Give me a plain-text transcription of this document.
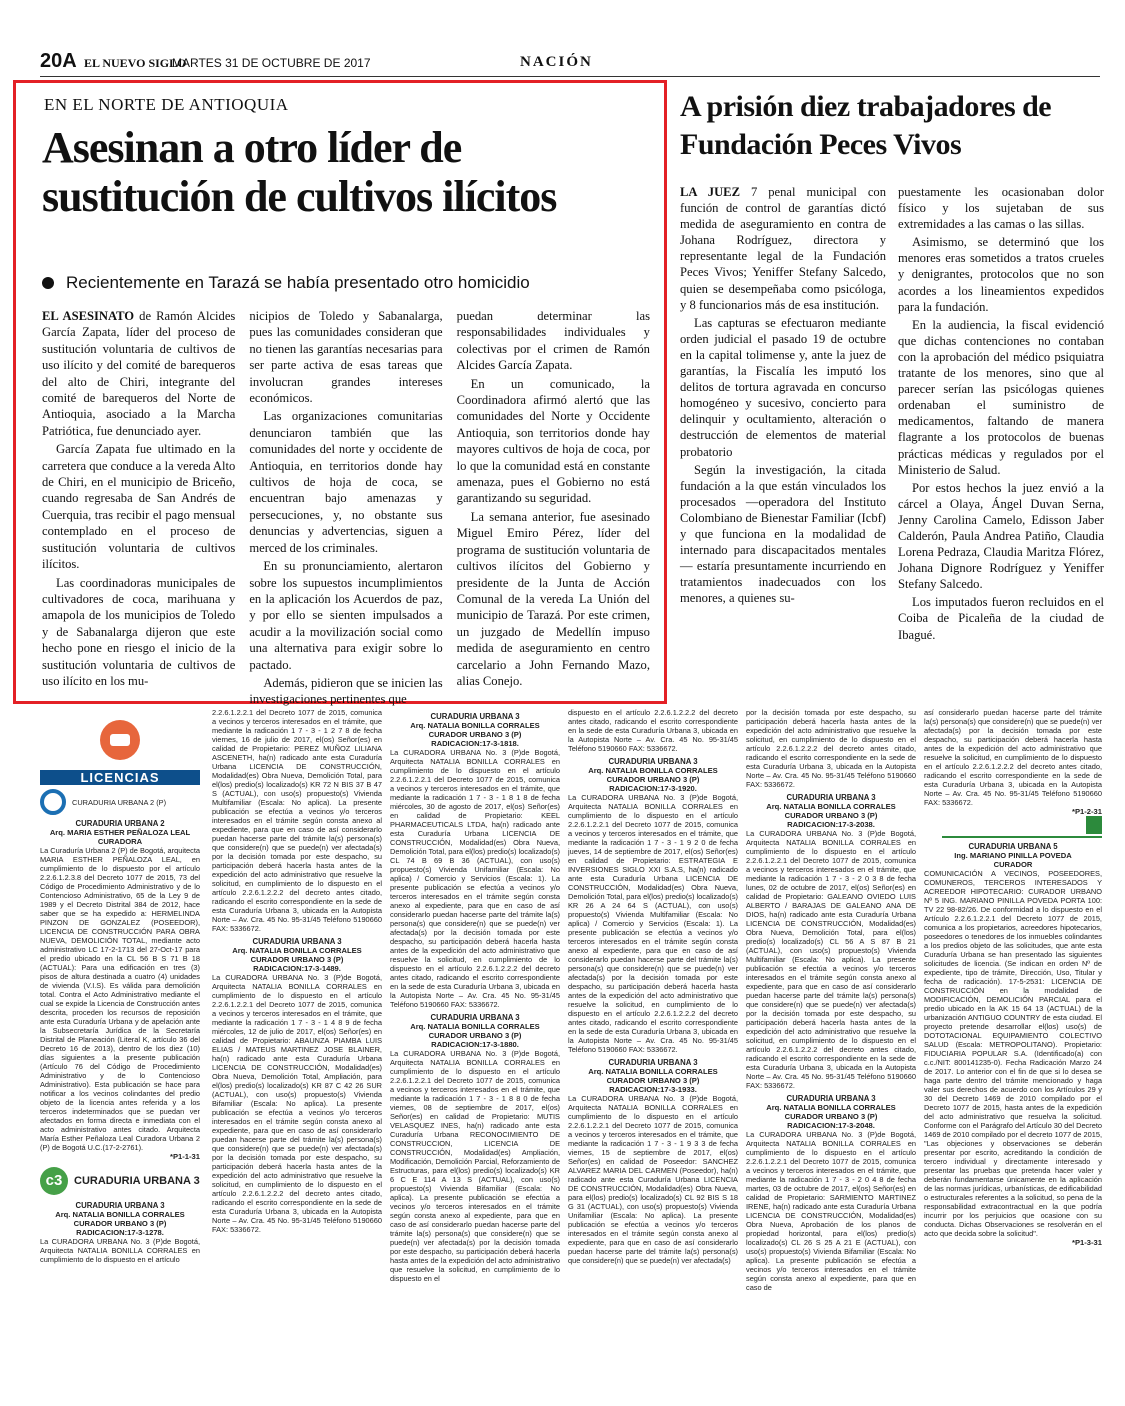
20A EL NUEVO SIGLO
MARTES 31 DE OCTUBRE DE 2017	NACIÓN
EN EL NORTE DE ANTIOQUIA
Asesinan a otro líder de sustitución de cultivos ilícitos
Recientemente en Tarazá se había presentado otro homicidio

EL ASESINATO de Ramón Alcides García Zapata, líder del proceso de sustitución voluntaria de cultivos de uso ilícito y del comité de barequeros del alto de Chiri, integrante del comité de barequeros del Norte de Antioquia, asociado a la Marcha Patriótica, fue denunciado ayer.

García Zapata fue ultimado en la carretera que conduce a la vereda Alto de Chiri, en el municipio de Briceño, cuando regresaba de San Andrés de Cuerquia, tras recibir el pago mensual contemplado en el proceso de sustitución voluntaria de cultivos ilícitos.

Las coordinadoras municipales de cultivadores de coca, marihuana y amapola de los municipios de Toledo y de Sabanalarga dijeron que este hecho pone en riesgo el inicio de la sustitución voluntaria de cultivos de uso ilícito en los mu-

nicipios de Toledo y Sabanalarga, pues las comunidades consideran que no tienen las garantías necesarias para ser parte activa de esas tareas que involucran grandes intereses económicos.

Las organizaciones comunitarias denunciaron también que las comunidades del norte y occidente de Antioquia, en territorios donde hay cultivos de hoja de coca, se encuentran bajo amenazas y persecuciones, y, no obstante sus denuncias y advertencias, siguen a merced de los criminales.

En su pronunciamiento, alertaron sobre los supuestos incumplimientos en la aplicación los Acuerdos de paz, y por ello se sienten impulsados a acudir a la movilización social como una alternativa para exigir sobre lo pactado.

Además, pidieron que se inicien las investigaciones pertinentes que

puedan determinar las responsabilidades individuales y colectivas por el crimen de Ramón Alcides García Zapata.

En un comunicado, la Coordinadora afirmó alertó que las comunidades del Norte y Occidente Antioquia, son territorios donde hay mayores cultivos de hoja de coca, por lo que la comunidad está en constante amenaza, pues el Gobierno no está garantizando su seguridad.

La semana anterior, fue asesinado Miguel Emiro Pérez, líder del programa de sustitución voluntaria de cultivos ilícitos del Gobierno y presidente de la Junta de Acción Comunal de la vereda La Unión del municipio de Tarazá. Por este crimen, un juzgado de Medellín impuso medida de aseguramiento en centro carcelario a John Fernando Mazo, alias Conejo.

A prisión diez trabajadores de Fundación Peces Vivos

LA JUEZ 7 penal municipal con función de control de garantías dictó medida de aseguramiento en contra de Johana Rodríguez, directora y representante legal de la Fundación Peces Vivos; Yeniffer Stefany Salcedo, quien se desempeñaba como psicóloga, y 8 funcionarios más de esa institución.

Las capturas se efectuaron mediante orden judicial el pasado 19 de octubre en la capital tolimense y, ante la juez de garantías, la Fiscalía les imputó los delitos de tortura agravada en concurso homogéneo y sucesivo, concierto para delinquir y ocultamiento, alteración o destrucción de elementos de material probatorio

Según la investigación, la citada fundación a la que están vinculados los procesados —operadora del Instituto Colombiano de Bienestar Familiar (Icbf) y que funciona en la modalidad de internado para discapacitados mentales— estaría presuntamente incurriendo en tratamientos inadecuados con los menores, a quienes su-

puestamente les ocasionaban dolor físico y los sujetaban de sus extremidades a las camas o las sillas.

Asimismo, se determinó que los menores eras sometidos a tratos crueles y denigrantes, protocolos que no son acordes a los lineamientos expedidos para la fundación.

En la audiencia, la fiscal evidenció que dichas contenciones no contaban con la aprobación del médico psiquiatra tratante de los menores, sino que al parecer serían las psicólogas quienes ordenaban el suministro de medicamentos, faltando de manera flagrante a los protocolos de buenas prácticas médicas y regulados por el Ministerio de Salud.

Por estos hechos la juez envió a la cárcel a Olaya, Ángel Duvan Serna, Jenny Carolina Camelo, Edisson Jaber Calderón, Paula Andrea Patiño, Claudia Lorena Pedraza, Claudia Maritza Flórez, Johana Dignore Rodríguez y Yeniffer Stefany Salcedo.

Los imputados fueron recluidos en el Coiba de Picaleña de la ciudad de Ibagué.

LICENCIAS
CURADURIA URBANA 2 (P)
CURADURIA URBANA 2

Arq. MARIA ESTHER PEÑALOZA LEAL

CURADORA

La Curaduría Urbana 2 (P) de Bogotá, arquitecta MARIA ESTHER PEÑALOZA LEAL, en cumplimiento de lo dispuesto por el artículo 2.2.6.1.2.3.8 del Decreto 1077 de 2015, 73 del Código de Procedimiento Administrativo y de lo Contencioso Administrativo, 65 de la Ley 9 de 1989 y el Decreto Distrital 384 de 2012, hace saber que se ha expedido a: HERMELINDA PINZON DE GONZALEZ (POSEEDOR), LICENCIA DE CONSTRUCCIÓN PARA OBRA NUEVA, DEMOLICIÓN TOTAL, mediante acto administrativo LC 17-2-1713 del 27-Oct-17 para el predio ubicado en la CL 56 B S 71 B 18 (ACTUAL): Para una edificación en tres (3) pisos de altura destinada a cuatro (4) unidades de vivienda (V.I.S). Es válida para demolición total. Contra el Acto Administrativo mediante el cual se expide la Licencia de Construcción antes descrita, proceden los recursos de reposición ante esta Curaduría Urbana y de apelación ante la Subsecretaría Jurídica de la Secretaría Distrital de Planeación (Literal K, artículo 36 del Decreto 16 de 2013), dentro de los diez (10) días siguientes a la presente publicación (Artículo 76 del Código de Procedimiento Administrativo y de lo Contencioso Administrativo). Esta publicación se hace para notificar a los vecinos colindantes del predio objeto de la licencia antes referida y a los terceros indeterminados que se puedan ver afectados en forma directa e inmediata con el acto administrativo antes citado. Arquitecta María Esther Peñaloza Leal Curadora Urbana 2 (P) de Bogotá U.C.(17-2-2761).

*P1-1-31

c3	CURADURIA URBANA 3
CURADURIA URBANA 3

Arq. NATALIA BONILLA CORRALES

CURADOR URBANO 3 (P)

RADICACION:17-3-1278.

La CURADORA URBANA No. 3 (P)de Bogotá, Arquitecta NATALIA BONILLA CORRALES en cumplimiento de lo dispuesto en el artículo

2.2.6.1.2.2.1 del Decreto 1077 de 2015, comunica a vecinos y terceros interesados en el trámite, que mediante la radicación 1 7 - 3 - 1 2 7 8 de fecha viernes, 16 de julio de 2017, el(os) Señor(es) en calidad de Propietario: PEREZ MUÑOZ LILIANA ASCENETH, ha(n) radicado ante esta Curaduría Urbana LICENCIA DE CONSTRUCCIÓN, Modalidad(es) Obra Nueva, Demolición Total, para el(los) predio(s) localizado(s) KR 72 N BIS 37 B 47 S (ACTUAL), con uso(s) propuesto(s) Vivienda Multifamiliar (Escala: No aplica). La presente publicación se efectúa a vecinos y/o terceros interesados en el trámite según consta anexo al expediente, para que en caso de así considerarlo puedan hacerse parte del trámite la(s) persona(s) que considere(n) que se puede(n) ver afectada(s) por la decisión tomada por este despacho, su participación deberá hacerla hasta antes de la expedición del acto administrativo que resuelve la solicitud, en cumplimiento de lo dispuesto en el artículo 2.2.6.1.2.2.2 del decreto antes citado, radicando el escrito correspondiente en la sede de esta Curaduría Urbana 3, ubicada en la Autopista Norte – Av. Cra. 45 No. 95-31/45 Teléfono 5190660 FAX: 5336672.

CURADURIA URBANA 3

Arq. NATALIA BONILLA CORRALES

CURADOR URBANO 3 (P)

RADICACION:17-3-1489.

La CURADORA URBANA No. 3 (P)de Bogotá, Arquitecta NATALIA BONILLA CORRALES en cumplimiento de lo dispuesto en el artículo 2.2.6.1.2.2.1 del Decreto 1077 de 2015, comunica a vecinos y terceros interesados en el trámite, que mediante la radicación 1 7 - 3 - 1 4 8 9 de fecha miércoles, 12 de julio de 2017, el(os) Señor(es) en calidad de Propietario: ABAUNZA PIAMBA LUIS ELIAS / MATEUS MARTINEZ JOSE BLAINER, ha(n) radicado ante esta Curaduría Urbana LICENCIA DE CONSTRUCCIÓN, Modalidad(es) Obra Nueva, Demolición Total, Ampliación, para el(los) predio(s) localizado(s) KR 87 C 42 26 SUR (ACTUAL), con uso(s) propuesto(s) Vivienda Bifamiliar (Escala: No aplica). La presente publicación se efectúa a vecinos y/o terceros interesados en el trámite según consta anexo al expediente, para que en caso de así considerarlo puedan hacerse parte del trámite la(s) persona(s) que considere(n) que se puede(n) ver afectada(s) por la decisión tomada por este despacho, su participación deberá hacerla hasta antes de la expedición del acto administrativo que resuelve la solicitud, en cumplimiento de lo dispuesto en el artículo 2.2.6.1.2.2.2 del decreto antes citado, radicando el escrito correspondiente en la sede de esta Curaduría Urbana 3, ubicada en la Autopista Norte – Av. Cra. 45 No. 95-31/45 Teléfono 5190660 FAX: 5336672.

CURADURIA URBANA 3

Arq. NATALIA BONILLA CORRALES

CURADOR URBANO 3 (P)

RADICACION:17-3-1818.

La CURADORA URBANA No. 3 (P)de Bogotá, Arquitecta NATALIA BONILLA CORRALES en cumplimiento de lo dispuesto en el artículo 2.2.6.1.2.2.1 del Decreto 1077 de 2015, comunica a vecinos y terceros interesados en el trámite, que mediante la radicación 1 7 - 3 - 1 8 1 8 de fecha miércoles, 30 de agosto de 2017, el(os) Señor(es) en calidad de Propietario: KEEL PHARMACEUTICALS LTDA, ha(n) radicado ante esta Curaduría Urbana LICENCIA DE CONSTRUCCIÓN, Modalidad(es) Obra Nueva, Demolición Total, para el(los) predio(s) localizado(s) CL 74 B 69 B 36 (ACTUAL), con uso(s) propuesto(s) Vivienda Unifamiliar (Escala: No aplica) / Comercio y Servicios (Escala: 1). La presente publicación se efectúa a vecinos y/o terceros interesados en el trámite según consta anexo al expediente, para que en caso de así considerarlo puedan hacerse parte del trámite la(s) persona(s) que considere(n) que se puede(n) ver afectada(s) por la decisión tomada por este despacho, su participación deberá hacerla hasta antes de la expedición del acto administrativo que resuelve la solicitud, en cumplimiento de lo dispuesto en el artículo 2.2.6.1.2.2.2 del decreto antes citado, radicando el escrito correspondiente en la sede de esta Curaduría Urbana 3, ubicada en la Autopista Norte – Av. Cra. 45 No. 95-31/45 Teléfono 5190660 FAX: 5336672.

CURADURIA URBANA 3

Arq. NATALIA BONILLA CORRALES

CURADOR URBANO 3 (P)

RADICACION:17-3-1880.

La CURADORA URBANA No. 3 (P)de Bogotá, Arquitecta NATALIA BONILLA CORRALES en cumplimiento de lo dispuesto en el artículo 2.2.6.1.2.2.1 del Decreto 1077 de 2015, comunica a vecinos y terceros interesados en el trámite, que mediante la radicación 1 7 - 3 - 1 8 8 0 de fecha viernes, 08 de septiembre de 2017, el(os) Señor(es) en calidad de Propietario: MUTIS VELASQUEZ INES, ha(n) radicado ante esta Curaduría Urbana RECONOCIMIENTO DE CONSTRUCCION, LICENCIA DE CONSTRUCCIÓN, Modalidad(es) Ampliación, Modificación, Demolición Parcial, Reforzamiento de Estructuras, para el(los) predio(s) localizado(s) KR 6 C E 114 A 13 S (ACTUAL), con uso(s) propuesto(s) Vivienda Bifamiliar (Escala: No aplica). La presente publicación se efectúa a vecinos y/o terceros interesados en el trámite según consta anexo al expediente, para que en caso de así considerarlo puedan hacerse parte del trámite la(s) persona(s) que considere(n) que se puede(n) ver afectada(s) por la decisión tomada por este despacho, su participación deberá hacerla hasta antes de la expedición del acto administrativo que resuelve la solicitud, en cumplimiento de lo dispuesto en el

dispuesto en el artículo 2.2.6.1.2.2.2 del decreto antes citado, radicando el escrito correspondiente en la sede de esta Curaduría Urbana 3, ubicada en la Autopista Norte – Av. Cra. 45 No. 95-31/45 Teléfono 5190660 FAX: 5336672.

CURADURIA URBANA 3

Arq. NATALIA BONILLA CORRALES

CURADOR URBANO 3 (P)

RADICACION:17-3-1920.

La CURADORA URBANA No. 3 (P)de Bogotá, Arquitecta NATALIA BONILLA CORRALES en cumplimiento de lo dispuesto en el artículo 2.2.6.1.2.2.1 del Decreto 1077 de 2015, comunica a vecinos y terceros interesados en el trámite, que mediante la radicación 1 7 - 3 - 1 9 2 0 de fecha jueves, 14 de septiembre de 2017, el(os) Señor(es) en calidad de Propietario: ESTRATEGIA E INVERSIONES SIGLO XXI S.A.S, ha(n) radicado ante esta Curaduría Urbana LICENCIA DE CONSTRUCCIÓN, Modalidad(es) Obra Nueva, Demolición Total, para el(los) predio(s) localizado(s) KR 26 A 24 64 S (ACTUAL), con uso(s) propuesto(s) Vivienda Multifamiliar (Escala: No aplica) / Comercio y Servicios (Escala: 1). La presente publicación se efectúa a vecinos y/o terceros interesados en el trámite según consta anexo al expediente, para que en caso de así considerarlo puedan hacerse parte del trámite la(s) persona(s) que considere(n) que se puede(n) ver afectada(s) por la decisión tomada por este despacho, su participación deberá hacerla hasta antes de la expedición del acto administrativo que resuelve la solicitud, en cumplimiento de lo dispuesto en el artículo 2.2.6.1.2.2.2 del decreto antes citado, radicando el escrito correspondiente en la sede de esta Curaduría Urbana 3, ubicada en la Autopista Norte – Av. Cra. 45 No. 95-31/45 Teléfono 5190660 FAX: 5336672.

CURADURIA URBANA 3

Arq. NATALIA BONILLA CORRALES

CURADOR URBANO 3 (P)

RADICACION:17-3-1933.

La CURADORA URBANA No. 3 (P)de Bogotá, Arquitecta NATALIA BONILLA CORRALES en cumplimiento de lo dispuesto en el artículo 2.2.6.1.2.2.1 del Decreto 1077 de 2015, comunica a vecinos y terceros interesados en el trámite, que mediante la radicación 1 7 - 3 - 1 9 3 3 de fecha viernes, 15 de septiembre de 2017, el(os) Señor(es) en calidad de Poseedor: SANCHEZ ALVAREZ MARIA DEL CARMEN (Poseedor), ha(n) radicado ante esta Curaduría Urbana LICENCIA DE CONSTRUCCIÓN, Modalidad(es) Obra Nueva, para el(los) predio(s) localizado(s) CL 92 BIS S 18 G 31 (ACTUAL), con uso(s) propuesto(s) Vivienda Unifamiliar (Escala: No aplica). La presente publicación se efectúa a vecinos y/o terceros interesados en el trámite según consta anexo al expediente, para que en caso de así considerarlo puedan hacerse parte del trámite la(s) persona(s) que considere(n) que se puede(n) ver afectada(s)

por la decisión tomada por este despacho, su participación deberá hacerla hasta antes de la expedición del acto administrativo que resuelve la solicitud, en cumplimiento de lo dispuesto en el artículo 2.2.6.1.2.2.2 del decreto antes citado, radicando el escrito correspondiente en la sede de esta Curaduría Urbana 3, ubicada en la Autopista Norte – Av. Cra. 45 No. 95-31/45 Teléfono 5190660 FAX: 5336672.

CURADURIA URBANA 3

Arq. NATALIA BONILLA CORRALES

CURADOR URBANO 3 (P)

RADICACION:17-3-2038.

La CURADORA URBANA No. 3 (P)de Bogotá, Arquitecta NATALIA BONILLA CORRALES en cumplimiento de lo dispuesto en el artículo 2.2.6.1.2.2.1 del Decreto 1077 de 2015, comunica a vecinos y terceros interesados en el trámite, que mediante la radicación 1 7 - 3 - 2 0 3 8 de fecha lunes, 02 de octubre de 2017, el(os) Señor(es) en calidad de Propietario: GALEANO OVIEDO LUIS ALBERTO / BARAJAS DE GALEANO ANA DE DIOS, ha(n) radicado ante esta Curaduría Urbana LICENCIA DE CONSTRUCCIÓN, Modalidad(es) Obra Nueva, Demolición Total, para el(los) predio(s) localizado(s) CL 56 A S 87 B 21 (ACTUAL), con uso(s) propuesto(s) Vivienda Multifamiliar (Escala: No aplica). La presente publicación se efectúa a vecinos y/o terceros interesados en el trámite según consta anexo al expediente, para que en caso de así considerarlo puedan hacerse parte del trámite la(s) persona(s) que considere(n) que se puede(n) ver afectada(s) por la decisión tomada por este despacho, su participación deberá hacerla hasta antes de la expedición del acto administrativo que resuelve la solicitud, en cumplimiento de lo dispuesto en el artículo 2.2.6.1.2.2.2 del decreto antes citado, radicando el escrito correspondiente en la sede de esta Curaduría Urbana 3, ubicada en la Autopista Norte – Av. Cra. 45 No. 95-31/45 Teléfono 5190660 FAX: 5336672.

CURADURIA URBANA 3

Arq. NATALIA BONILLA CORRALES

CURADOR URBANO 3 (P)

RADICACION:17-3-2048.

La CURADORA URBANA No. 3 (P)de Bogotá, Arquitecta NATALIA BONILLA CORRALES en cumplimiento de lo dispuesto en el artículo 2.2.6.1.2.2.1 del Decreto 1077 de 2015, comunica a vecinos y terceros interesados en el trámite, que mediante la radicación 1 7 - 3 - 2 0 4 8 de fecha martes, 03 de octubre de 2017, el(os) Señor(es) en calidad de Propietario: SARMIENTO MARTINEZ IRENE, ha(n) radicado ante esta Curaduría Urbana LICENCIA DE CONSTRUCCIÓN, Modalidad(es) Obra Nueva, Aprobación de los planos de propiedad horizontal, para el(los) predio(s) localizado(s) CL 26 S 25 A 21 E (ACTUAL), con uso(s) propuesto(s) Vivienda Bifamiliar (Escala: No aplica). La presente publicación se efectúa a vecinos y/o terceros interesados en el trámite según consta anexo al expediente, para que en caso de

así considerarlo puedan hacerse parte del trámite la(s) persona(s) que considere(n) que se puede(n) ver afectada(s) por la decisión tomada por este despacho, su participación deberá hacerla hasta antes de la expedición del acto administrativo que resuelve la solicitud, en cumplimiento de lo dispuesto en el artículo 2.2.6.1.2.2.2 del decreto antes citado, radicando el escrito correspondiente en la sede de esta Curaduría Urbana 3, ubicada en la Autopista Norte – Av. Cra. 45 No. 95-31/45 Teléfono 5190660 FAX: 5336672.

*P1-2-31

CURADURIA URBANA 5

Ing. MARIANO PINILLA POVEDA

CURADOR

COMUNICACIÓN A VECINOS, POSEEDORES, COMUNEROS, TERCEROS INTERESADOS Y ACREEDOR HIPOTECARIO: CURADOR URBANO Nº 5 ING. MARIANO PINILLA POVEDA PORTA 100: TV 22 98-82/26. De conformidad a lo dispuesto en el Artículo 2.2.6.1.2.2.1 del Decreto 1077 de 2015, comunica a los propietarios, acreedores hipotecarios, poseedores o tenedores de los inmuebles colindantes a los predios objeto de las solicitudes, que ante esta Curaduría Urbana se han presentado las siguientes solicitudes de licencia. (Se indican en orden Nº de expediente, tipo de trámite, Dirección, Uso, Titular y fecha de radicación). 17-5-2531: LICENCIA DE CONSTRUCCIÓN en la modalidad de MODIFICACIÓN, DEMOLICIÓN PARCIAL para el predio ubicado en la AK 15 64 13 (ACTUAL) de la urbanización ANTIGUO COUNTRY de esta ciudad. El proyecto pretende desarrollar el(los) uso(s) de DOTOTACIONAL EQUIPAMIENTO COLECTIVO SALUD (Escala: METROPOLITANO). Propietario: FIDUCIARIA POPULAR S.A. (Identificado(a) con c.c./NIT: 800141235-0). Fecha Radicación Marzo 24 de 2017. Lo anterior con el fin de que si lo desea se haga parte dentro del trámite mencionado y haga valer sus derechos de acuerdo con los Artículos 29 y 30 del Decreto 1469 de 2010 compilado por el Decreto 1077 de 2015, hasta antes de la expedición del acto administrativo que resuelva la solicitud. Conforme con el Parágrafo del Artículo 30 del Decreto 1469 de 2010 compilado por el decreto 1077 de 2015, "Las objeciones y observaciones se deberán presentar por escrito, acreditando la condición de tercero individual y directamente interesado y presentar las pruebas que pretenda hacer valer y deberán fundamentarse únicamente en la aplicación de las normas jurídicas, urbanísticas, de edificabilidad o estructurales referentes a la solicitud, so pena de la responsabilidad extracontractual en la que podría incurrir por los perjuicios que ocasione con su conducta. Dichas Observaciones se resolverán en el acto que decida sobre la solicitud".

*P1-3-31
